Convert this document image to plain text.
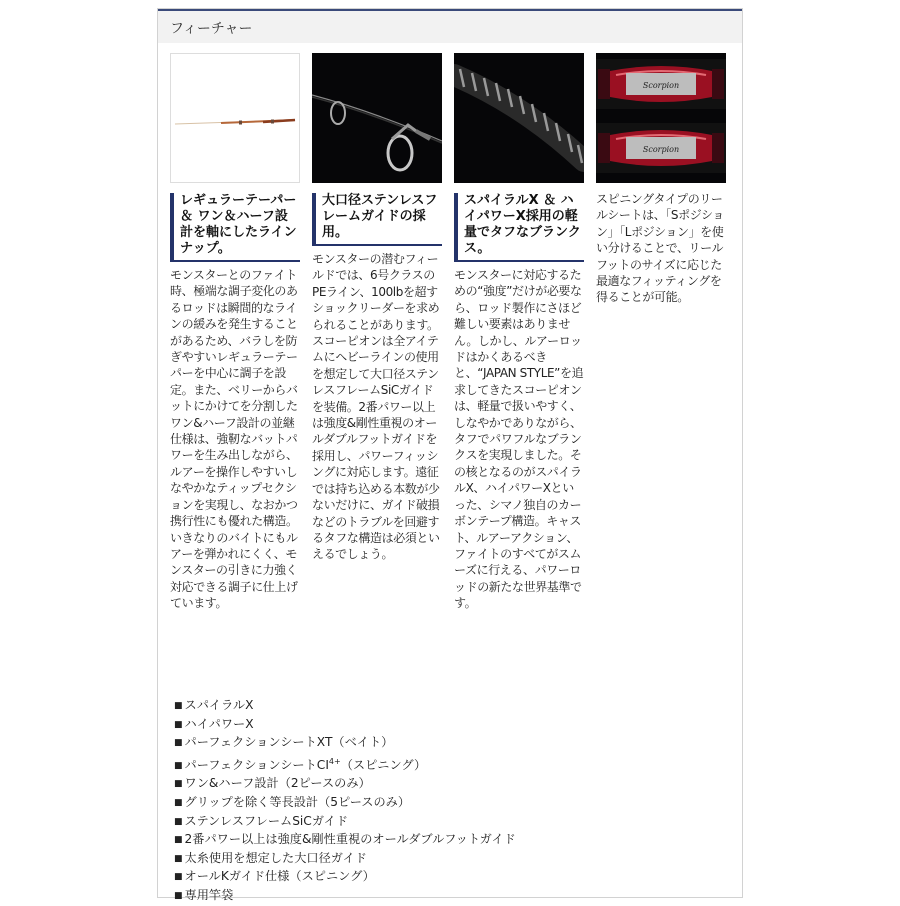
フィーチャー
レギュラーテーパー ＆ ワン＆ハーフ設計を軸にしたラインナップ。
モンスターとのファイト時、極端な調子変化のあるロッドは瞬間的なラインの緩みを発生することがあるため、バラしを防ぎやすいレギュラーテーパーを中心に調子を設定。また、ベリーからバットにかけてを分割したワン&ハーフ設計の並継仕様は、強靭なバットパワーを生み出しながら、ルアーを操作しやすいしなやかなティップセクションを実現し、なおかつ携行性にも優れた構造。いきなりのバイトにもルアーを弾かれにくく、モンスターの引きに力強く対応できる調子に仕上げています。
大口径ステンレスフレームガイドの採用。
モンスターの潜むフィールドでは、6号クラスのPEライン、100lbを超すショックリーダーを求められることがあります。スコーピオンは全アイテムにヘビーラインの使用を想定して大口径ステンレスフレームSiCガイドを装備。2番パワー以上は強度&剛性重視のオールダブルフットガイドを採用し、パワーフィッシングに対応します。遠征では持ち込める本数が少ないだけに、ガイド破損などのトラブルを回避するタフな構造は必須といえるでしょう。
スパイラルX ＆ ハイパワーX採用の軽量でタフなブランクス。
モンスターに対応するための“強度”だけが必要なら、ロッド製作にさほど難しい要素はありません。しかし、ルアーロッドはかくあるべきと、“JAPAN STYLE”を追求してきたスコーピオンは、軽量で扱いやすく、しなやかでありながら、タフでパワフルなブランクスを実現しました。その核となるのがスパイラルX、ハイパワーXといった、シマノ独自のカーボンテープ構造。キャスト、ルアーアクション、ファイトのすべてがスムーズに行える、パワーロッドの新たな世界基準です。
Scorpion
Scorpion
スピニングタイプのリールシートは、「Sポジション」「Lポジション」を使い分けることで、リールフットのサイズに応じた最適なフィッティングを得ることが可能。
■ スパイラルX
■ ハイパワーX
■ パーフェクションシートXT（ベイト）
■ パーフェクションシート$CI^{4+}$（スピニング）
■ ワン&ハーフ設計（2ピースのみ）
■ グリップを除く等長設計（5ピースのみ）
■ ステンレスフレームSiCガイド
■ 2番パワー以上は強度&剛性重視のオールダブルフットガイド
■ 太糸使用を想定した大口径ガイド
■ オールKガイド仕様（スピニング）
■ 専用竿袋
